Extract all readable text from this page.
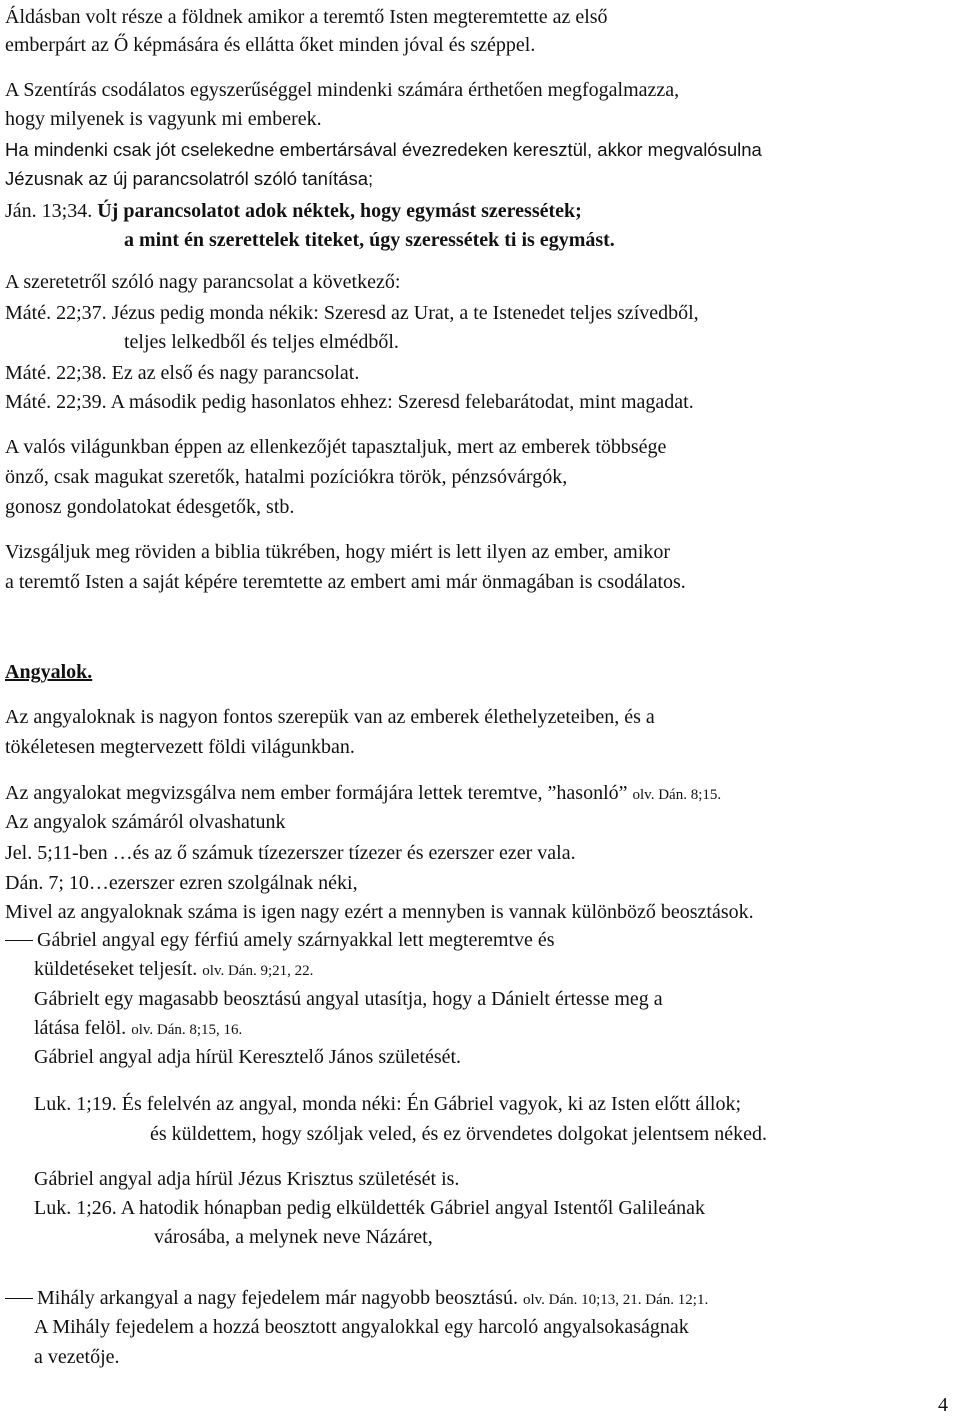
Áldásban volt része a földnek amikor a teremtő Isten megteremtette az első
emberpárt az Ő képmására és ellátta őket minden jóval és széppel.
A Szentírás csodálatos egyszerűséggel mindenki számára érthetően megfogalmazza,
hogy milyenek is vagyunk mi emberek.
Ha mindenki csak jót cselekedne embertársával évezredeken keresztül, akkor megvalósulna
Jézusnak az új parancsolatról szóló tanítása;
Ján. 13;34. Új parancsolatot adok néktek, hogy egymást szeressétek;
a mint én szerettelek titeket, úgy szeressétek ti is egymást.
A szeretetről szóló nagy parancsolat a következő:
Máté. 22;37. Jézus pedig monda nékik: Szeresd az Urat, a te Istenedet teljes szívedből,
teljes lelkedből és teljes elmédből.
Máté. 22;38. Ez az első és nagy parancsolat.
Máté. 22;39. A második pedig hasonlatos ehhez: Szeresd felebarátodat, mint magadat.
A valós világunkban éppen az ellenkezőjét tapasztaljuk, mert az emberek többsége
önző, csak magukat szeretők, hatalmi pozíciókra török, pénzsóvárgók,
gonosz gondolatokat édesgetők, stb.
Vizsgáljuk meg röviden a biblia tükrében, hogy miért is lett ilyen az ember, amikor
a teremtő Isten a saját képére teremtette az embert ami már önmagában is csodálatos.
Angyalok.
Az angyaloknak is nagyon fontos szerepük van az emberek élethelyzeteiben, és a
tökéletesen megtervezett földi világunkban.
Az angyalokat megvizsgálva nem ember formájára lettek teremtve, ”hasonló” olv. Dán. 8;15.
Az angyalok számáról olvashatunk
Jel. 5;11-ben …és az ő számuk tízezerszer tízezer és ezerszer ezer vala.
Dán. 7; 10…ezerszer ezren szolgálnak néki,
Mivel az angyaloknak száma is igen nagy ezért a mennyben is vannak különböző beosztások.
Gábriel angyal egy férfiú amely szárnyakkal lett megteremtve és
küldetéseket teljesít. olv. Dán. 9;21, 22.
Gábrielt egy magasabb beosztású angyal utasítja, hogy a Dánielt értesse meg a
látása felöl. olv. Dán. 8;15, 16.
Gábriel angyal adja hírül Keresztelő János születését.
Luk. 1;19. És felelvén az angyal, monda néki: Én Gábriel vagyok, ki az Isten előtt állok;
és küldettem, hogy szóljak veled, és ez örvendetes dolgokat jelentsem néked.
Gábriel angyal adja hírül Jézus Krisztus születését is.
Luk. 1;26. A hatodik hónapban pedig elküldették Gábriel angyal Istentől Galileának
városába, a melynek neve Názáret,
Mihály arkangyal a nagy fejedelem már nagyobb beosztású. olv. Dán. 10;13, 21. Dán. 12;1.
A Mihály fejedelem a hozzá beosztott angyalokkal egy harcoló angyalsokaságnak
a vezetője.
4
